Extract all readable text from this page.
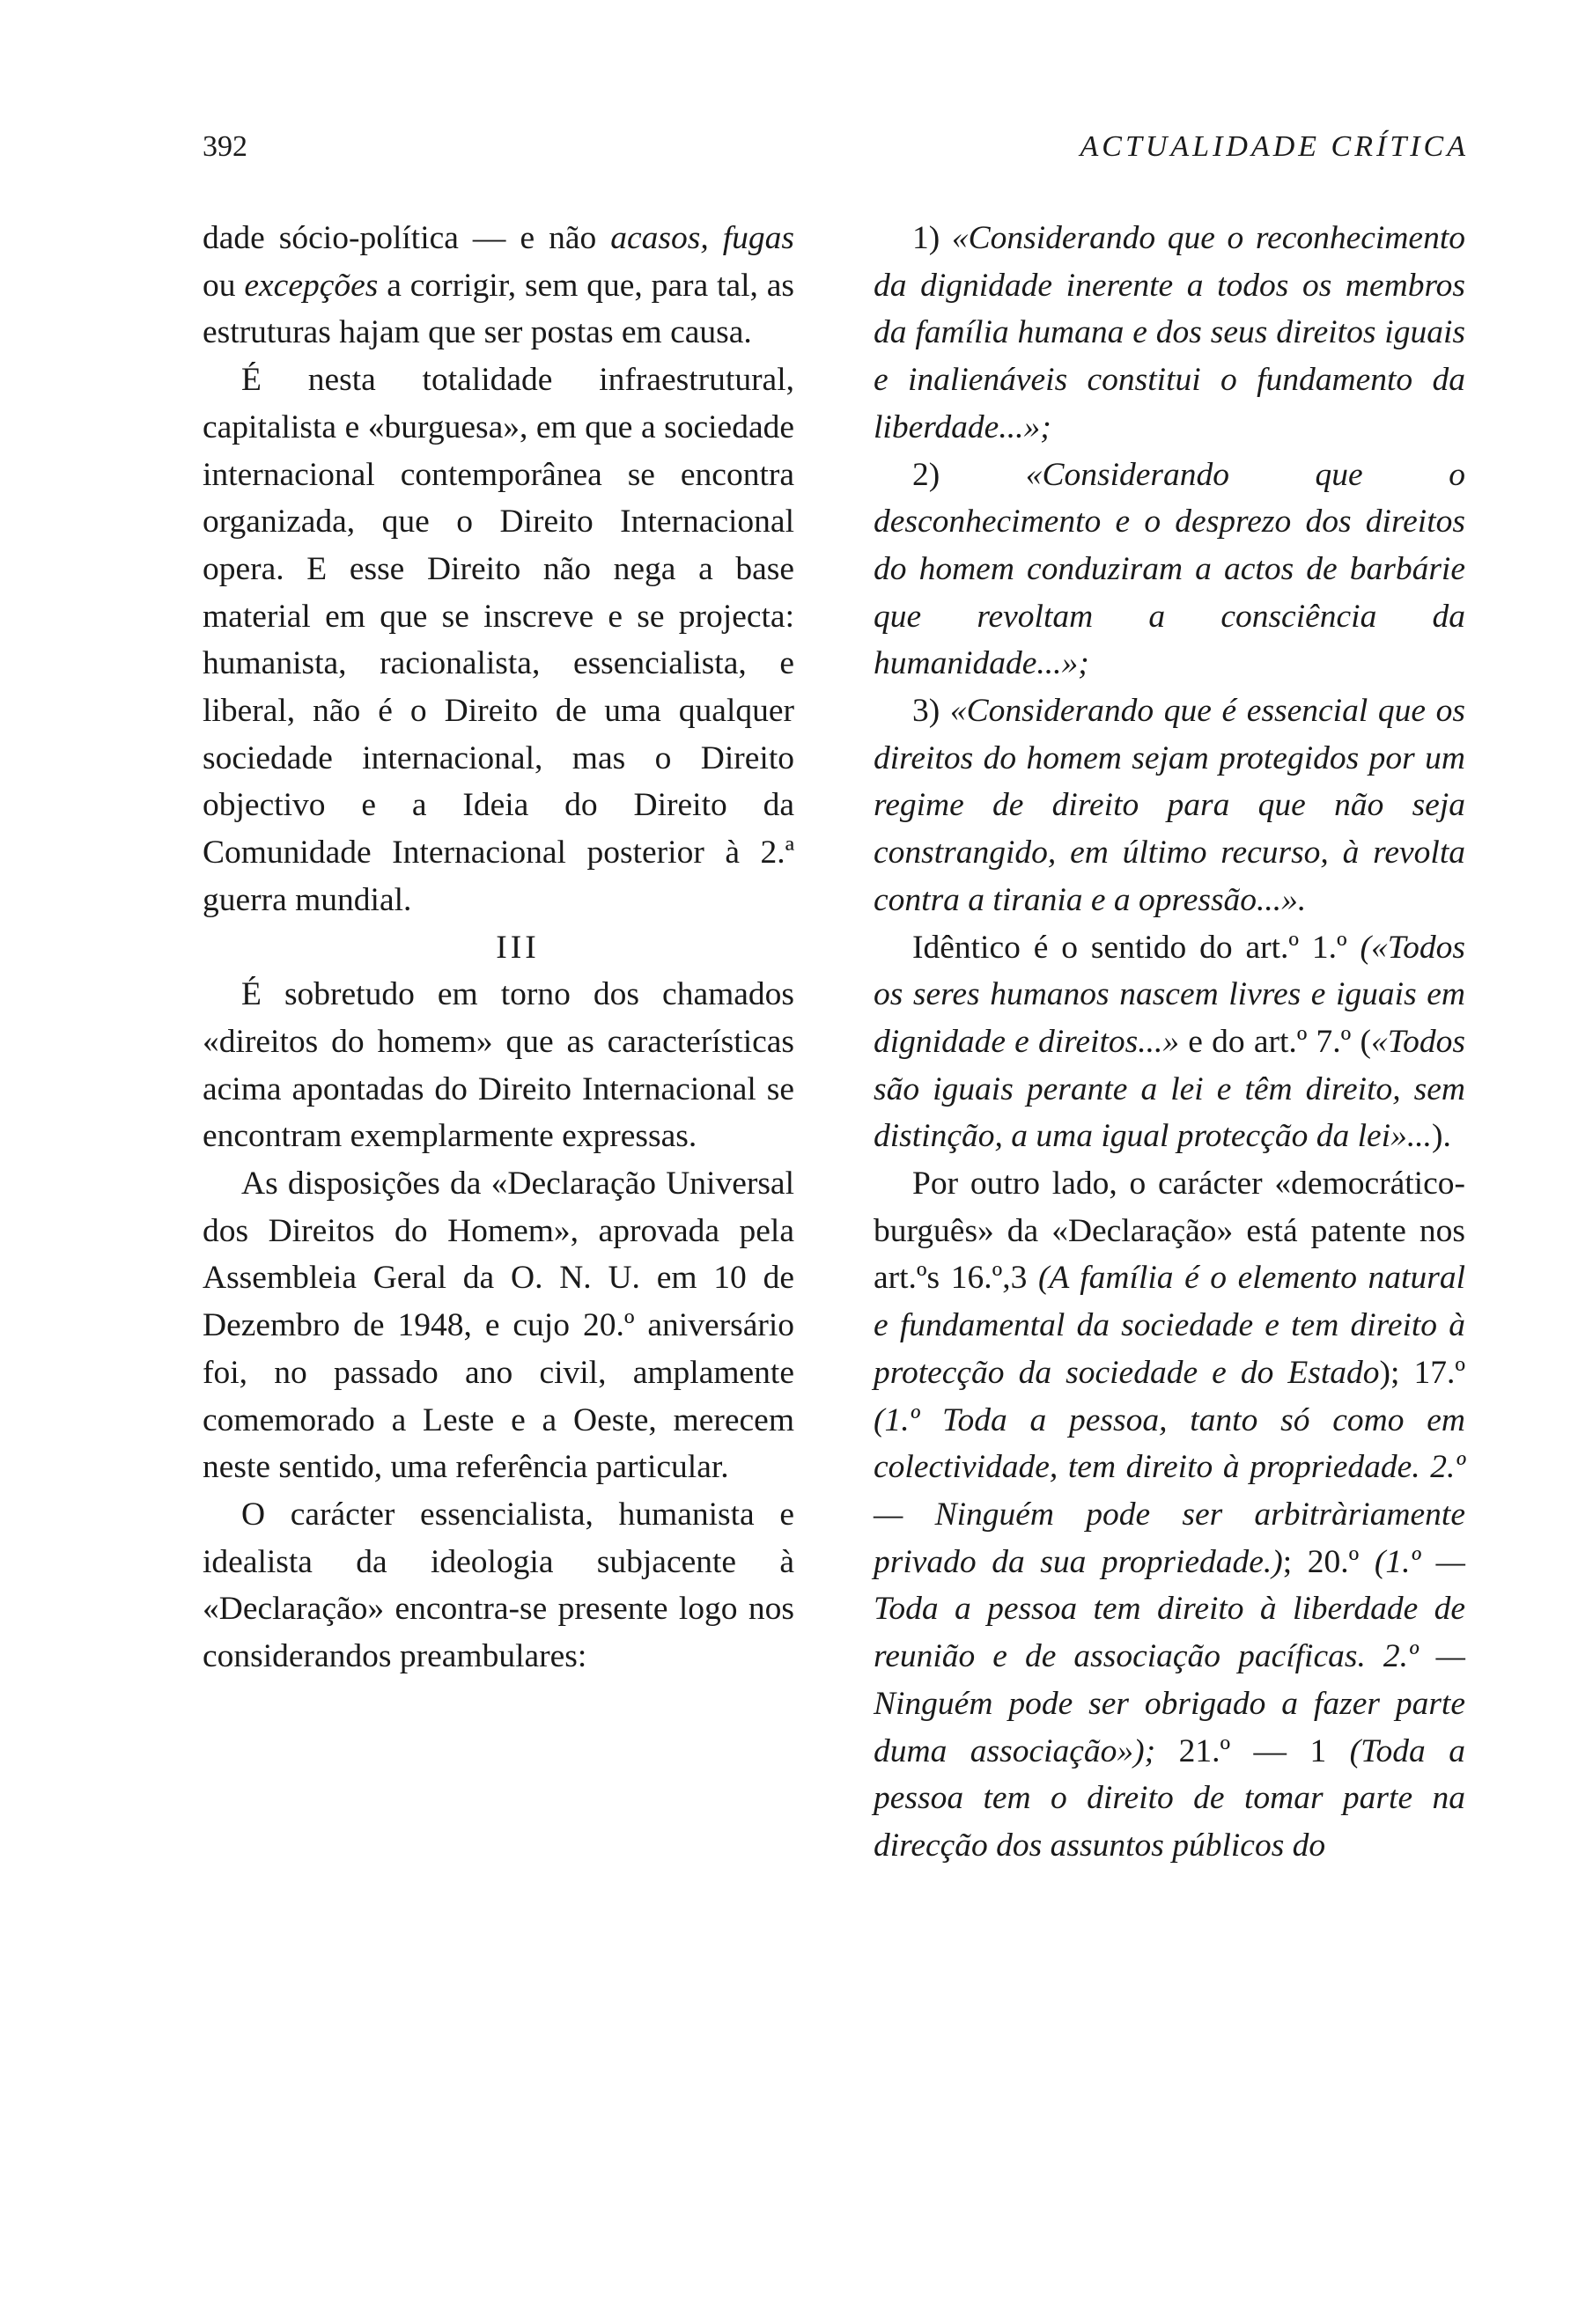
392	ACTUALIDADE CRÍTICA

dade sócio-política — e não acasos, fugas ou excepções a corrigir, sem que, para tal, as estruturas hajam que ser postas em causa.

É nesta totalidade infraestrutural, capitalista e «burguesa», em que a sociedade internacional contemporânea se encontra organizada, que o Direito Internacional opera. E esse Direito não nega a base material em que se inscreve e se projecta: humanista, racionalista, essencialista, e liberal, não é o Direito de uma qualquer sociedade internacional, mas o Direito objectivo e a Ideia do Direito da Comunidade Internacional posterior à 2.ª guerra mundial.

III

É sobretudo em torno dos chamados «direitos do homem» que as características acima apontadas do Direito Internacional se encontram exemplarmente expressas.

As disposições da «Declaração Universal dos Direitos do Homem», aprovada pela Assembleia Geral da O. N. U. em 10 de Dezembro de 1948, e cujo 20.º aniversário foi, no passado ano civil, amplamente comemorado a Leste e a Oeste, merecem neste sentido, uma referência particular.

O carácter essencialista, humanista e idealista da ideologia subjacente à «Declaração» encontra-se presente logo nos considerandos preambulares:

1) «Considerando que o reconhecimento da dignidade inerente a todos os membros da família humana e dos seus direitos iguais e inalienáveis constitui o fundamento da liberdade...»;

2) «Considerando que o desconhecimento e o desprezo dos direitos do homem conduziram a actos de barbárie que revoltam a consciência da humanidade...»;

3) «Considerando que é essencial que os direitos do homem sejam protegidos por um regime de direito para que não seja constrangido, em último recurso, à revolta contra a tirania e a opressão...».

Idêntico é o sentido do art.º 1.º («Todos os seres humanos nascem livres e iguais em dignidade e direitos...» e do art.º 7.º («Todos são iguais perante a lei e têm direito, sem distinção, a uma igual protecção da lei»...).

Por outro lado, o carácter «democrático-burguês» da «Declaração» está patente nos art.ºs 16.º,3 (A família é o elemento natural e fundamental da sociedade e tem direito à protecção da sociedade e do Estado); 17.º (1.º Toda a pessoa, tanto só como em colectividade, tem direito à propriedade. 2.º — Ninguém pode ser arbitràriamente privado da sua propriedade.); 20.º (1.º — Toda a pessoa tem direito à liberdade de reunião e de associação pacíficas. 2.º — Ninguém pode ser obrigado a fazer parte duma associação»); 21.º — 1 (Toda a pessoa tem o direito de tomar parte na direcção dos assuntos públicos do
